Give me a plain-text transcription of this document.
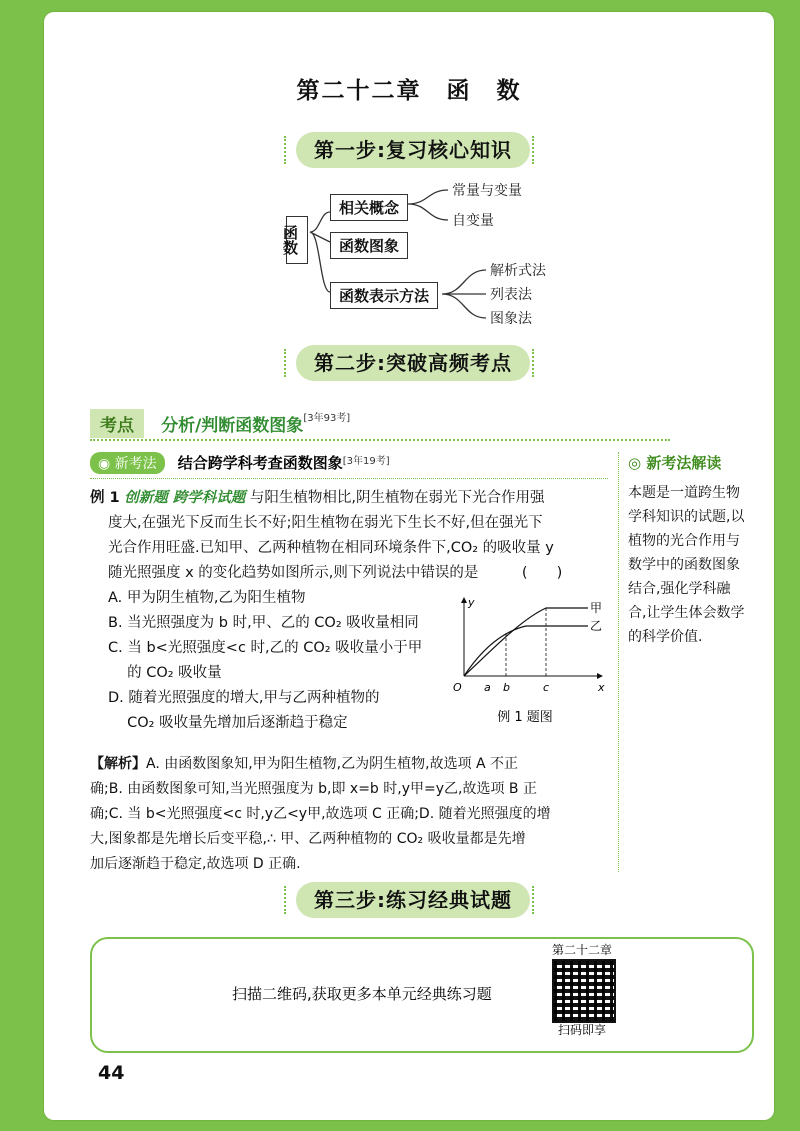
第二十二章　函　数
第一步:复习核心知识
函数
相关概念
函数图象
函数表示方法
常量与变量
自变量
解析式法
列表法
图象法
第二步:突破高频考点
考点 分析/判断函数图象[3年93考]
◉ 新考法 结合跨学科考查函数图象[3年19考]
例 1 创新题 跨学科试题 与阳生植物相比,阴生植物在弱光下光合作用强
度大,在强光下反而生长不好;阳生植物在弱光下生长不好,但在强光下
光合作用旺盛.已知甲、乙两种植物在相同环境条件下,CO₂ 的吸收量 y
随光照强度 x 的变化趋势如图所示,则下列说法中错误的是　　　(　　)
A. 甲为阴生植物,乙为阳生植物
B. 当光照强度为 b 时,甲、乙的 CO₂ 吸收量相同
C. 当 b<光照强度<c 时,乙的 CO₂ 吸收量小于甲
　 的 CO₂ 吸收量
D. 随着光照强度的增大,甲与乙两种植物的
　 CO₂ 吸收量先增加后逐渐趋于稳定
y
x
O a b	c
甲
乙
例 1 题图
【解析】A. 由函数图象知,甲为阳生植物,乙为阴生植物,故选项 A 不正
确;B. 由函数图象可知,当光照强度为 b,即 x=b 时,y甲=y乙,故选项 B 正
确;C. 当 b<光照强度<c 时,y乙<y甲,故选项 C 正确;D. 随着光照强度的增
大,图象都是先增长后变平稳,∴ 甲、乙两种植物的 CO₂ 吸收量都是先增
加后逐渐趋于稳定,故选项 D 正确.
◎ 新考法解读
本题是一道跨生物
学科知识的试题,以
植物的光合作用与
数学中的函数图象
结合,强化学科融
合,让学生体会数学
的科学价值.
第三步:练习经典试题
扫描二维码,获取更多本单元经典练习题
第二十二章
扫码即享
44
